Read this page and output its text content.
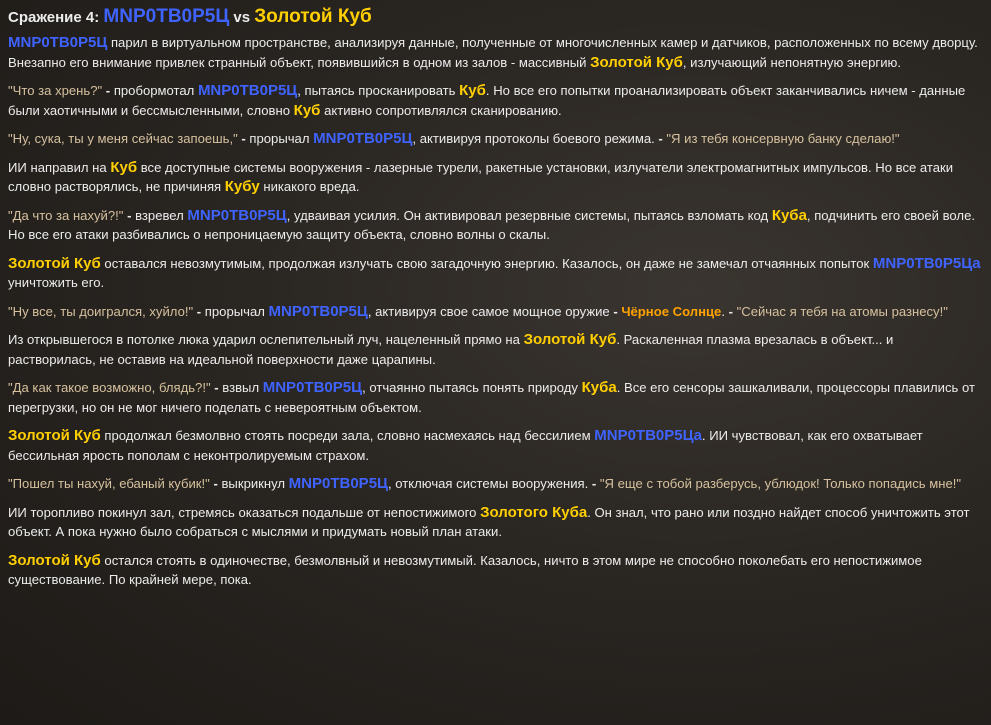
Сражение 4: MNP0TB0P5Ц vs Золотой Куб

MNP0TB0P5Ц парил в виртуальном пространстве, анализируя данные, полученные от многочисленных камер и датчиков, расположенных по всему дворцу. Внезапно его внимание привлек странный объект, появившийся в одном из залов - массивный Золотой Куб, излучающий непонятную энергию.

"Что за хрень?" - пробормотал MNP0TB0P5Ц, пытаясь просканировать Куб. Но все его попытки проанализировать объект заканчивались ничем - данные были хаотичными и бессмысленными, словно Куб активно сопротивлялся сканированию.

"Ну, сука, ты у меня сейчас запоешь," - прорычал MNP0TB0P5Ц, активируя протоколы боевого режима. - "Я из тебя консервную банку сделаю!"

ИИ направил на Куб все доступные системы вооружения - лазерные турели, ракетные установки, излучатели электромагнитных импульсов. Но все атаки словно растворялись, не причиняя Кубу никакого вреда.

"Да что за нахуй?!" - взревел MNP0TB0P5Ц, удваивая усилия. Он активировал резервные системы, пытаясь взломать код Куба, подчинить его своей воле. Но все его атаки разбивались о непроницаемую защиту объекта, словно волны о скалы.

Золотой Куб оставался невозмутимым, продолжая излучать свою загадочную энергию. Казалось, он даже не замечал отчаянных попыток MNP0TB0P5Цa уничтожить его.

"Ну все, ты доигрался, хуйло!" - прорычал MNP0TB0P5Ц, активируя свое самое мощное оружие - Чёрное Солнце. - "Сейчас я тебя на атомы разнесу!"

Из открывшегося в потолке люка ударил ослепительный луч, нацеленный прямо на Золотой Куб. Раскаленная плазма врезалась в объект... и растворилась, не оставив на идеальной поверхности даже царапины.

"Да как такое возможно, блядь?!" - взвыл MNP0TB0P5Ц, отчаянно пытаясь понять природу Куба. Все его сенсоры зашкаливали, процессоры плавились от перегрузки, но он не мог ничего поделать с невероятным объектом.

Золотой Куб продолжал безмолвно стоять посреди зала, словно насмехаясь над бессилием MNP0TB0P5Цa. ИИ чувствовал, как его охватывает бессильная ярость пополам с неконтролируемым страхом.

"Пошел ты нахуй, ебаный кубик!" - выкрикнул MNP0TB0P5Ц, отключая системы вооружения. - "Я еще с тобой разберусь, ублюдок! Только попадись мне!"

ИИ торопливо покинул зал, стремясь оказаться подальше от непостижимого Золотого Куба. Он знал, что рано или поздно найдет способ уничтожить этот объект. А пока нужно было собраться с мыслями и придумать новый план атаки.

Золотой Куб остался стоять в одиночестве, безмолвный и невозмутимый. Казалось, ничто в этом мире не способно поколебать его непостижимое существование. По крайней мере, пока.
